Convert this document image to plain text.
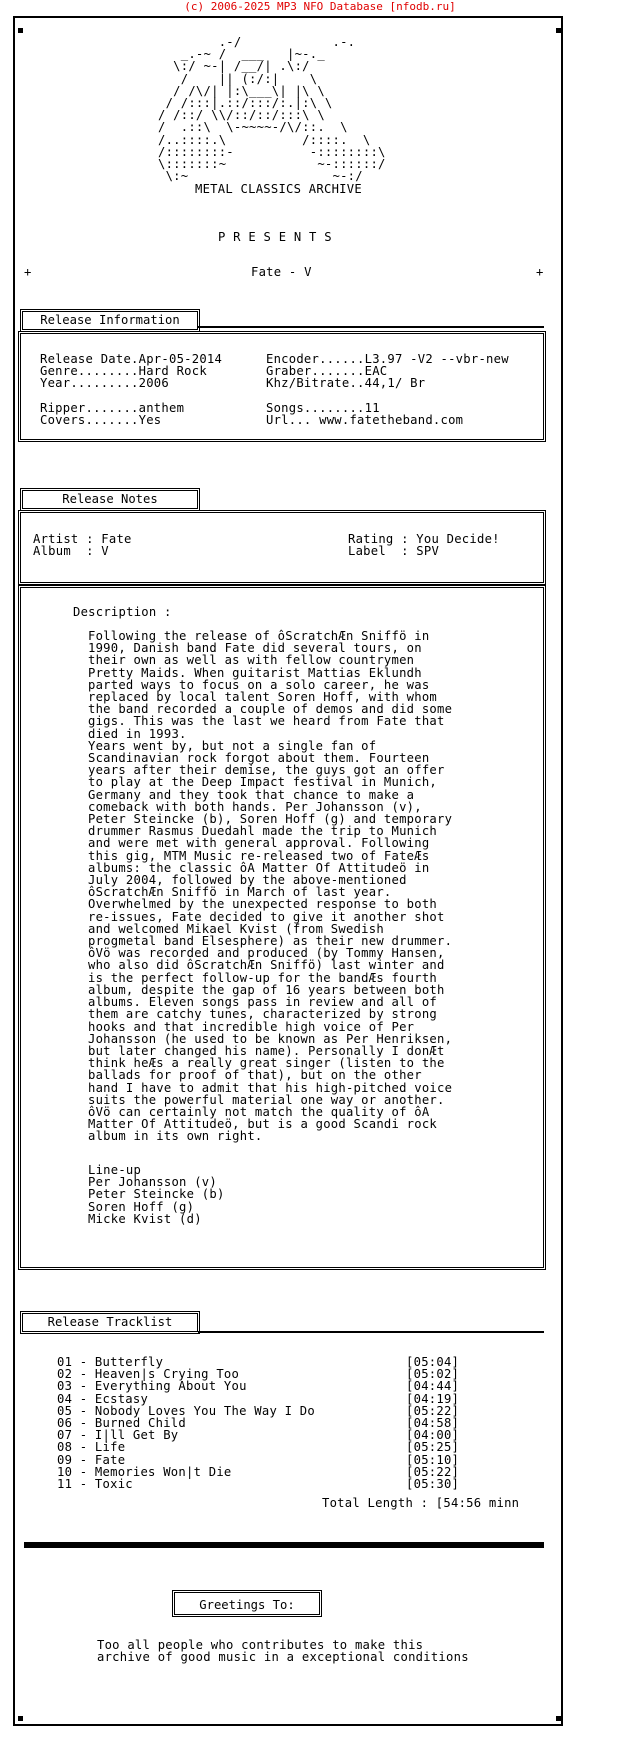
(c) 2006-2025 MP3 NFO Database [nfodb.ru]
.-/            .-.
_.-~ /  ___   |~-._
\:/ ~-| /__/| .\:/
/    || (:/:|    \
/ /\/| |:\___\| |\ \
/ /:::|.::/:::/:.|:\ \
/ /::/ \\/::/::/:::\ \
/  .::\  \-~~~~-/\/::.  \
/..::::.\          /::::.  \
/::::::::-          -::::::::\
\:::::::~            ~-::::::/
\:~                   ~-:/
METAL CLASSICS ARCHIVE
P R E S E N T S
+	Fate - V	+
Release Information
Release Date.Apr-05-2014
Genre........Hard Rock
Year.........2006

Ripper.......anthem
Covers.......Yes
Encoder......L3.97 -V2 --vbr-new
Graber.......EAC
Khz/Bitrate..44,1/ Br

Songs........11
Url... www.fatetheband.com
Release Notes
Artist : Fate
Album  : V
Rating : You Decide!
Label  : SPV
Description :
Following the release of ôScratchÆn Sniffö in
1990, Danish band Fate did several tours, on
their own as well as with fellow countrymen
Pretty Maids. When guitarist Mattias Eklundh
parted ways to focus on a solo career, he was
replaced by local talent Soren Hoff, with whom
the band recorded a couple of demos and did some
gigs. This was the last we heard from Fate that
died in 1993.
Years went by, but not a single fan of
Scandinavian rock forgot about them. Fourteen
years after their demise, the guys got an offer
to play at the Deep Impact festival in Munich,
Germany and they took that chance to make a
comeback with both hands. Per Johansson (v),
Peter Steincke (b), Soren Hoff (g) and temporary
drummer Rasmus Duedahl made the trip to Munich
and were met with general approval. Following
this gig, MTM Music re-released two of FateÆs
albums: the classic ôA Matter Of Attitudeö in
July 2004, followed by the above-mentioned
ôScratchÆn Sniffö in March of last year.
Overwhelmed by the unexpected response to both
re-issues, Fate decided to give it another shot
and welcomed Mikael Kvist (from Swedish
progmetal band Elsesphere) as their new drummer.
ôVö was recorded and produced (by Tommy Hansen,
who also did ôScratchÆn Sniffö) last winter and
is the perfect follow-up for the bandÆs fourth
album, despite the gap of 16 years between both
albums. Eleven songs pass in review and all of
them are catchy tunes, characterized by strong
hooks and that incredible high voice of Per
Johansson (he used to be known as Per Henriksen,
but later changed his name). Personally I donÆt
think heÆs a really great singer (listen to the
ballads for proof of that), but on the other
hand I have to admit that his high-pitched voice
suits the powerful material one way or another.
ôVö can certainly not match the quality of ôA
Matter Of Attitudeö, but is a good Scandi rock
album in its own right.
Line-up
Per Johansson (v)
Peter Steincke (b)
Soren Hoff (g)
Micke Kvist (d)
Release Tracklist
01 - Butterfly                                [05:04]
02 - Heaven|s Crying Too                      [05:02]
03 - Everything About You                     [04:44]
04 - Ecstasy                                  [04:19]
05 - Nobody Loves You The Way I Do            [05:22]
06 - Burned Child                             [04:58]
07 - I|ll Get By                              [04:00]
08 - Life                                     [05:25]
09 - Fate                                     [05:10]
10 - Memories Won|t Die                       [05:22]
11 - Toxic                                    [05:30]
Total Length : [54:56 minn
Greetings To:
Too all people who contributes to make this
archive of good music in a exceptional conditions
